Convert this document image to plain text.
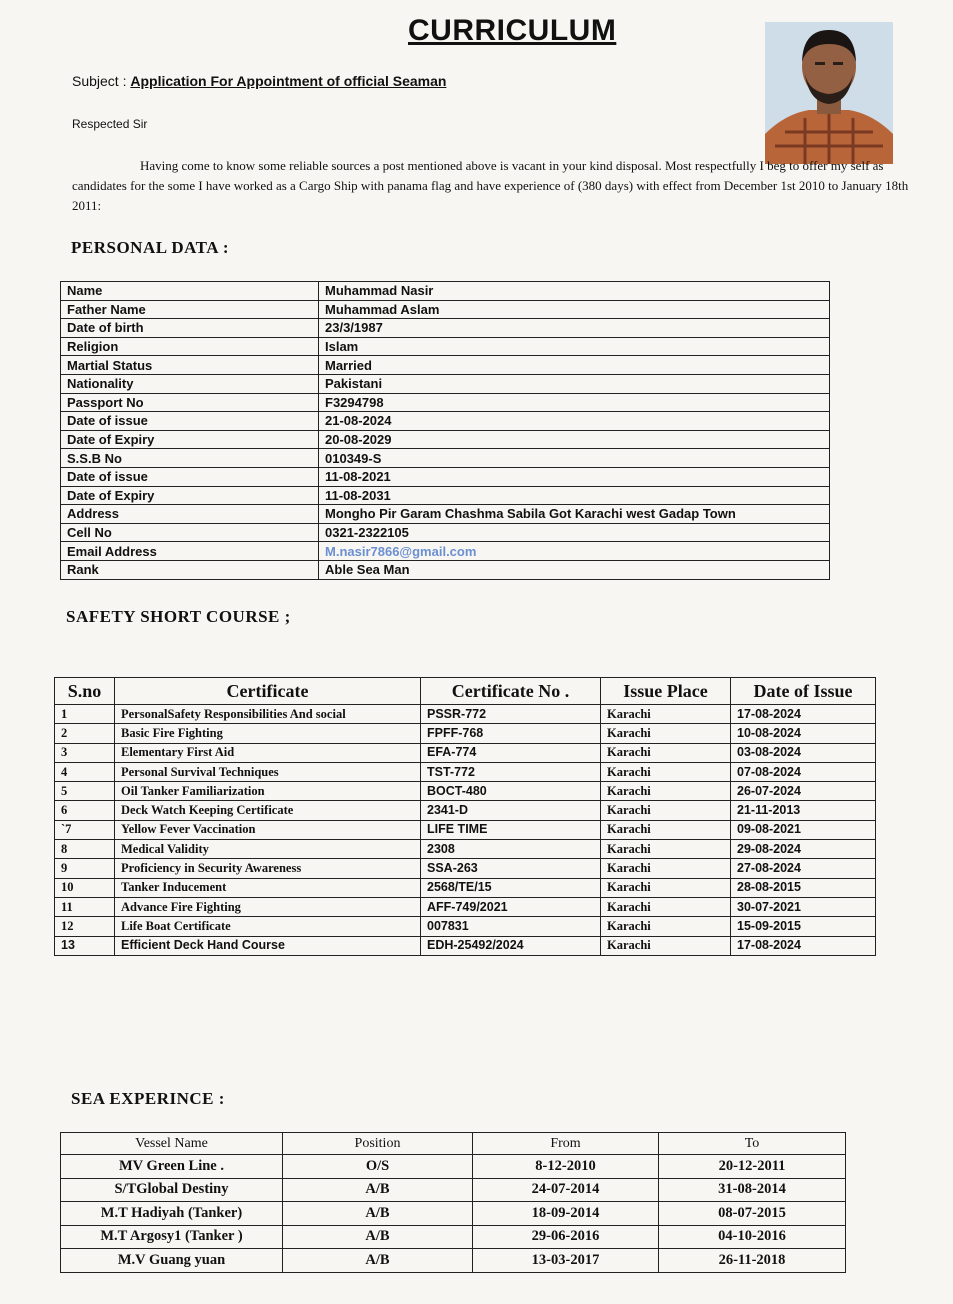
CURRICULUM
Subject : Application For Appointment of official Seaman
Respected Sir
Having come to know some reliable sources a post mentioned above is vacant in your kind disposal. Most respectfully I beg to offer my self as candidates for the some I have worked as a Cargo Ship with panama flag and have experience of (380 days) with effect from December 1st 2010 to January 18th 2011:
PERSONAL DATA :
Name	Muhammad Nasir
Father Name	Muhammad Aslam
Date of birth	23/3/1987
Religion	Islam
Martial Status	Married
Nationality	Pakistani
Passport No	F3294798
Date of issue	21-08-2024
Date of Expiry	20-08-2029
S.S.B No	010349-S
Date of issue	11-08-2021
Date of Expiry	11-08-2031
Address	Mongho Pir Garam Chashma Sabila Got Karachi west Gadap Town
Cell No	0321-2322105
Email Address	M.nasir7866@gmail.com
Rank	Able Sea Man
SAFETY SHORT COURSE ;
S.no	Certificate	Certificate No .	Issue Place	Date of Issue
1	PersonalSafety Responsibilities And social	PSSR-772	Karachi	17-08-2024
2	Basic Fire Fighting	FPFF-768	Karachi	10-08-2024
3	Elementary First Aid	EFA-774	Karachi	03-08-2024
4	Personal Survival Techniques	TST-772	Karachi	07-08-2024
5	Oil Tanker Familiarization	BOCT-480	Karachi	26-07-2024
6	Deck Watch Keeping Certificate	2341-D	Karachi	21-11-2013
`7	Yellow Fever Vaccination	LIFE TIME	Karachi	09-08-2021
8	Medical Validity	2308	Karachi	29-08-2024
9	Proficiency in Security Awareness	SSA-263	Karachi	27-08-2024
10	Tanker Inducement	2568/TE/15	Karachi	28-08-2015
11	Advance Fire Fighting	AFF-749/2021	Karachi	30-07-2021
12	Life Boat Certificate	007831	Karachi	15-09-2015
13	Efficient Deck Hand Course	EDH-25492/2024	Karachi	17-08-2024
SEA EXPERINCE :
Vessel Name	Position	From	To
MV Green Line .	O/S	8-12-2010	20-12-2011
S/TGlobal Destiny	A/B	24-07-2014	31-08-2014
M.T Hadiyah (Tanker)	A/B	18-09-2014	08-07-2015
M.T Argosy1 (Tanker )	A/B	29-06-2016	04-10-2016
M.V Guang yuan	A/B	13-03-2017	26-11-2018
